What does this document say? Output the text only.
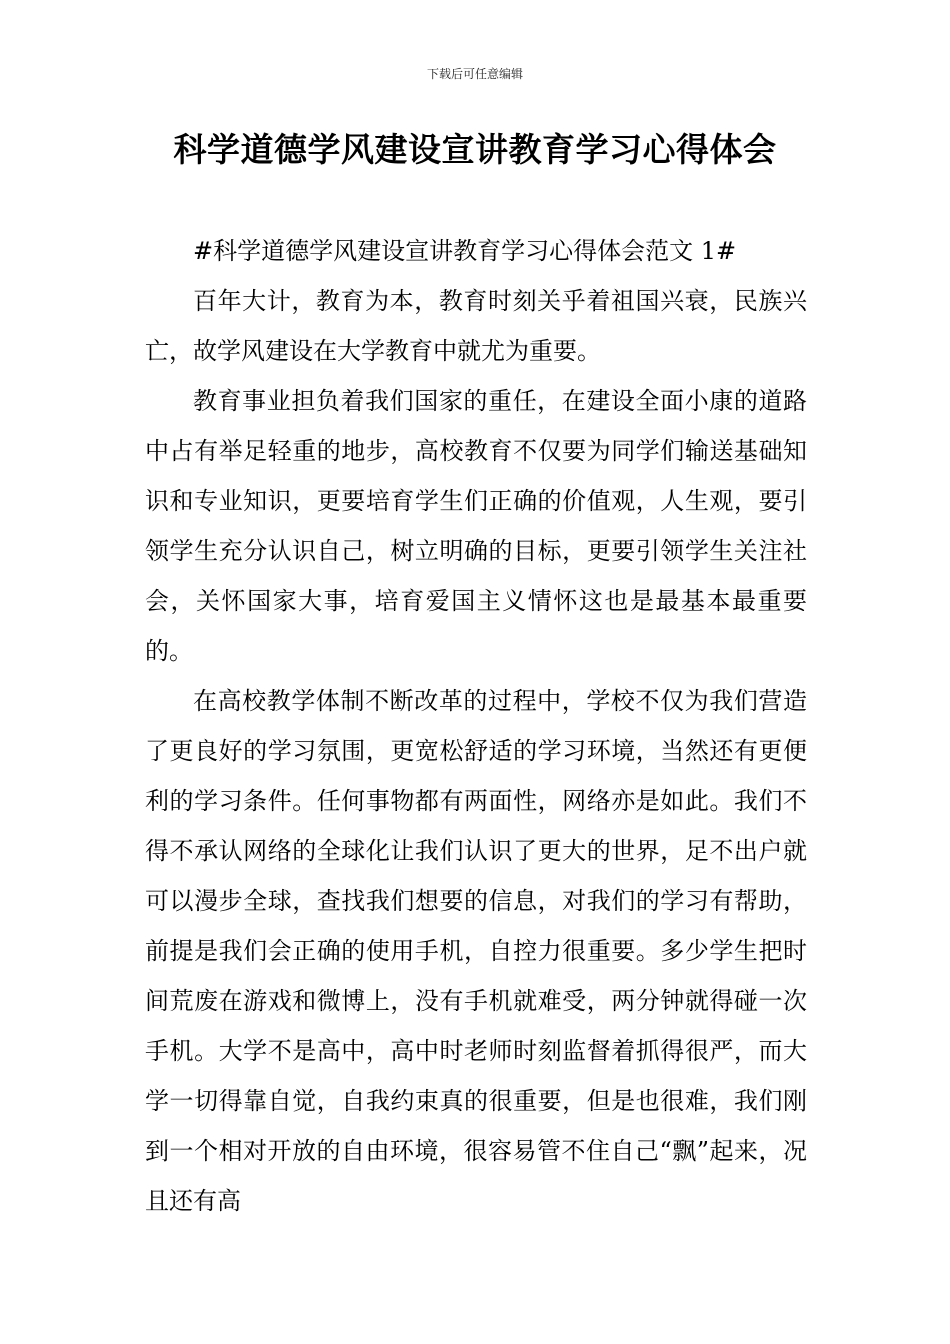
下载后可任意编辑
科学道德学风建设宣讲教育学习心得体会

#科学道德学风建设宣讲教育学习心得体会范文 1#

百年大计，教育为本，教育时刻关乎着祖国兴衰，民族兴亡，故学风建设在大学教育中就尤为重要。

教育事业担负着我们国家的重任，在建设全面小康的道路中占有举足轻重的地步，高校教育不仅要为同学们输送基础知识和专业知识，更要培育学生们正确的价值观，人生观，要引领学生充分认识自己，树立明确的目标，更要引领学生关注社会，关怀国家大事，培育爱国主义情怀这也是最基本最重要的。

在高校教学体制不断改革的过程中，学校不仅为我们营造了更良好的学习氛围，更宽松舒适的学习环境，当然还有更便利的学习条件。任何事物都有两面性，网络亦是如此。我们不得不承认网络的全球化让我们认识了更大的世界，足不出户就可以漫步全球，查找我们想要的信息，对我们的学习有帮助，前提是我们会正确的使用手机，自控力很重要。多少学生把时间荒废在游戏和微博上，没有手机就难受，两分钟就得碰一次手机。大学不是高中，高中时老师时刻监督着抓得很严，而大学一切得靠自觉，自我约束真的很重要，但是也很难，我们刚到一个相对开放的自由环境，很容易管不住自己“飘”起来，况且还有高
